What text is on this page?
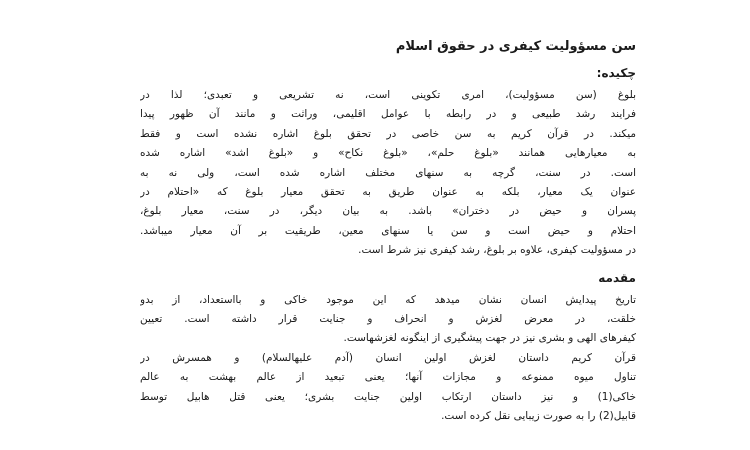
سن مسؤولیت کیفری در حقوق اسلام
چکیده:
بلوغ (سن مسؤولیت)، امری تکوینی است، نه تشریعی و تعبدی؛ لذا در
فرایند رشد طبیعی و در رابطه با عوامل اقلیمی، وراثت و مانند آن ظهور پیدا
میکند. در قرآن کریم به سن خاصی در تحقق بلوغ اشاره نشده است و فقط
به معیارهایی همانند «بلوغ حلم»، «بلوغ نکاح» و «بلوغ اشد» اشاره شده
است. در سنت، گرچه به سنهای مختلف اشاره شده است، ولی نه به
عنوان یک معیار، بلکه به عنوان طریق به تحقق معیار بلوغ که «احتلام در
پسران و حیض در دختران» باشد. به بیان دیگر، در سنت، معیار بلوغ،
احتلام و حیض است و سن یا سنهای معین، طریقیت بر آن معیار میباشد.
در مسؤولیت کیفری، علاوه بر بلوغ، رشد کیفری نیز شرط است.
مقدمه
تاریخ پیدایش انسان نشان میدهد که این موجود خاکی و بااستعداد، از بدو
خلقت، در معرض لغزش و انحراف و جنایت قرار داشته است. تعیین
کیفرهای الهی و بشری نیز در جهت پیشگیری از اینگونه لغزشهاست.
قرآن کریم داستان لغزش اولین انسان (آدم علیهالسلام) و همسرش در
تناول میوه ممنوعه و مجازات آنها؛ یعنی تبعید از عالم بهشت به عالم
خاکی(1) و نیز داستان ارتکاب اولین جنایت بشری؛ یعنی قتل هابیل توسط
قابیل(2) را به صورت زیبایی نقل کرده است.
